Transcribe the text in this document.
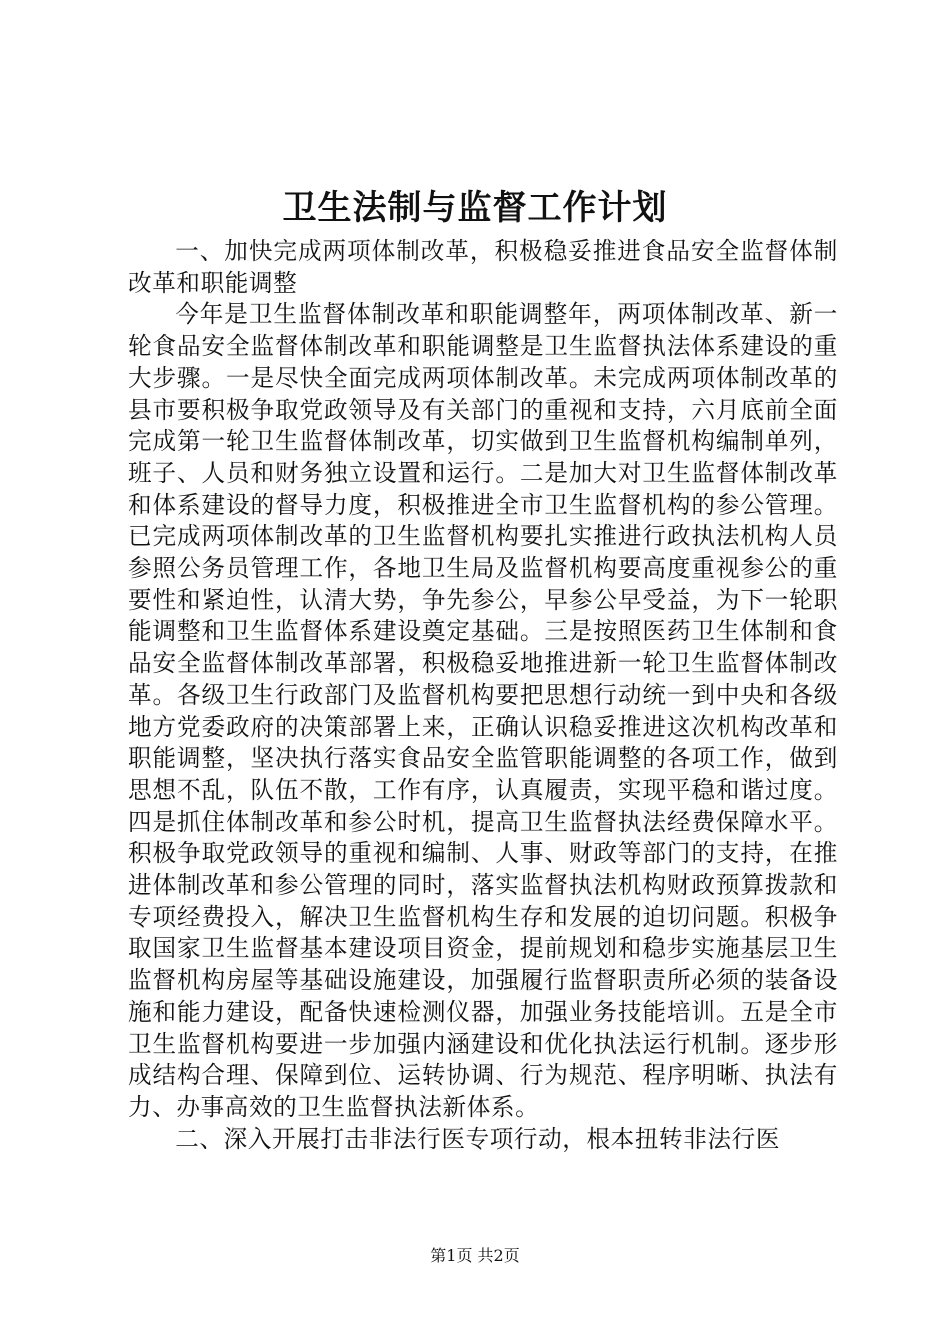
卫生法制与监督工作计划

一、加快完成两项体制改革，积极稳妥推进食品安全监督体制改革和职能调整

今年是卫生监督体制改革和职能调整年，两项体制改革、新一轮食品安全监督体制改革和职能调整是卫生监督执法体系建设的重大步骤。一是尽快全面完成两项体制改革。未完成两项体制改革的县市要积极争取党政领导及有关部门的重视和支持，六月底前全面完成第一轮卫生监督体制改革，切实做到卫生监督机构编制单列，班子、人员和财务独立设置和运行。二是加大对卫生监督体制改革和体系建设的督导力度，积极推进全市卫生监督机构的参公管理。已完成两项体制改革的卫生监督机构要扎实推进行政执法机构人员参照公务员管理工作，各地卫生局及监督机构要高度重视参公的重要性和紧迫性，认清大势，争先参公，早参公早受益，为下一轮职能调整和卫生监督体系建设奠定基础。三是按照医药卫生体制和食品安全监督体制改革部署，积极稳妥地推进新一轮卫生监督体制改革。各级卫生行政部门及监督机构要把思想行动统一到中央和各级地方党委政府的决策部署上来，正确认识稳妥推进这次机构改革和职能调整，坚决执行落实食品安全监管职能调整的各项工作，做到思想不乱，队伍不散，工作有序，认真履责，实现平稳和谐过度。四是抓住体制改革和参公时机，提高卫生监督执法经费保障水平。积极争取党政领导的重视和编制、人事、财政等部门的支持，在推进体制改革和参公管理的同时，落实监督执法机构财政预算拨款和专项经费投入，解决卫生监督机构生存和发展的迫切问题。积极争取国家卫生监督基本建设项目资金，提前规划和稳步实施基层卫生监督机构房屋等基础设施建设，加强履行监督职责所必须的装备设施和能力建设，配备快速检测仪器，加强业务技能培训。五是全市卫生监督机构要进一步加强内涵建设和优化执法运行机制。逐步形成结构合理、保障到位、运转协调、行为规范、程序明晰、执法有力、办事高效的卫生监督执法新体系。

二、深入开展打击非法行医专项行动，根本扭转非法行医

第1页 共2页
